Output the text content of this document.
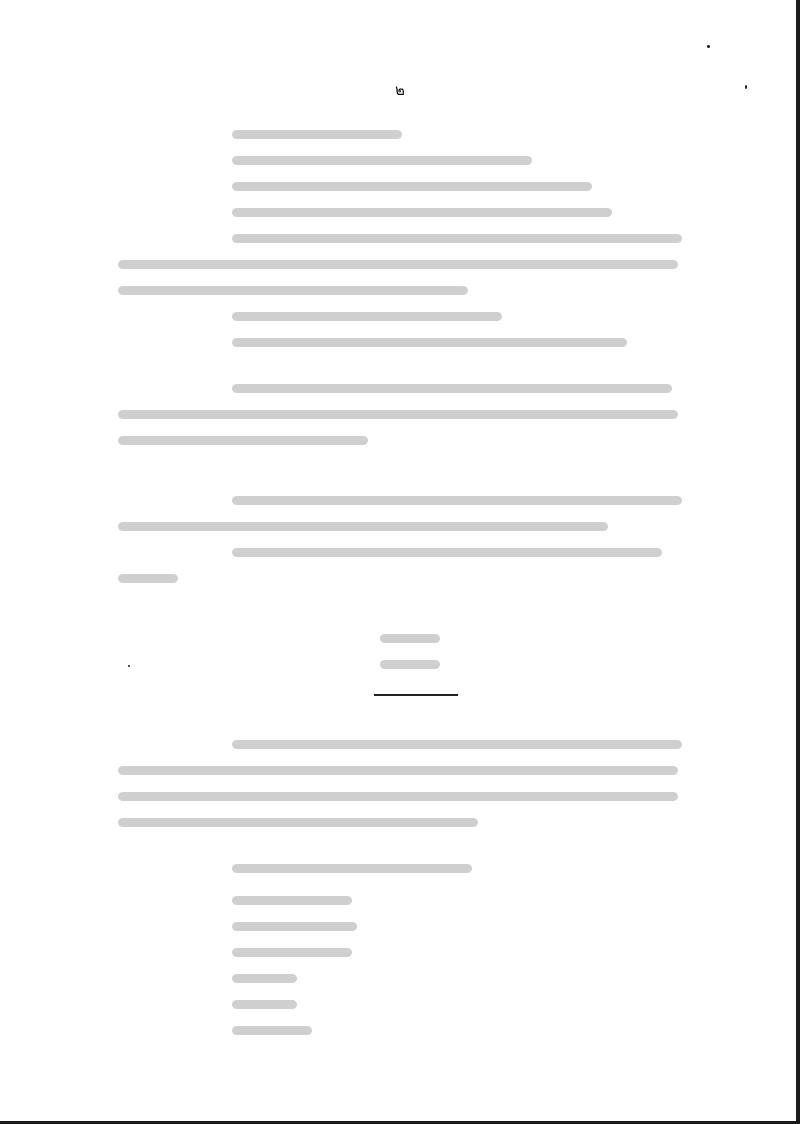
๒
